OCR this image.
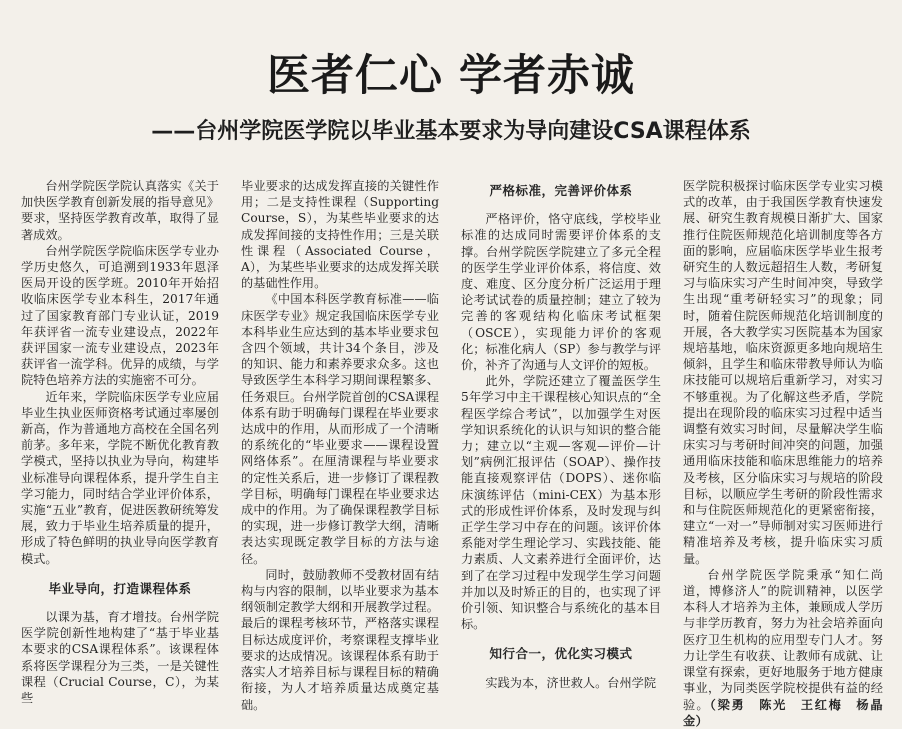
医者仁心 学者赤诚
——台州学院医学院以毕业基本要求为导向建设CSA课程体系

台州学院医学院认真落实《关于加快医学教育创新发展的指导意见》要求，坚持医学教育改革，取得了显著成效。

台州学院医学院临床医学专业办学历史悠久，可追溯到1933年恩泽医局开设的医学班。2010年开始招收临床医学专业本科生，2017年通过了国家教育部门专业认证，2019年获评省一流专业建设点，2022年获评国家一流专业建设点，2023年获评省一流学科。优异的成绩，与学院特色培养方法的实施密不可分。

近年来，学院临床医学专业应届毕业生执业医师资格考试通过率屡创新高，作为普通地方高校在全国名列前茅。多年来，学院不断优化教育教学模式，坚持以执业为导向，构建毕业标准导向课程体系，提升学生自主学习能力，同时结合学业评价体系，实施“五业”教育，促进医教研统筹发展，致力于毕业生培养质量的提升，形成了特色鲜明的执业导向医学教育模式。

毕业导向，打造课程体系

以课为基，育才增技。台州学院医学院创新性地构建了“基于毕业基本要求的CSA课程体系”。该课程体系将医学课程分为三类，一是关键性课程（Crucial Course，C），为某些

毕业要求的达成发挥直接的关键性作用；二是支持性课程（Supporting Course，S），为某些毕业要求的达成发挥间接的支持性作用；三是关联性课程（Associated Course，A），为某些毕业要求的达成发挥关联的基础性作用。

《中国本科医学教育标准——临床医学专业》规定我国临床医学专业本科毕业生应达到的基本毕业要求包含四个领域，共计34个条目，涉及的知识、能力和素养要求众多。这也导致医学生本科学习期间课程繁多、任务艰巨。台州学院首创的CSA课程体系有助于明确每门课程在毕业要求达成中的作用，从而形成了一个清晰的系统化的“毕业要求——课程设置网络体系”。在厘清课程与毕业要求的定性关系后，进一步修订了课程教学目标，明确每门课程在毕业要求达成中的作用。为了确保课程教学目标的实现，进一步修订教学大纲，清晰表达实现既定教学目标的方法与途径。

同时，鼓励教师不受教材固有结构与内容的限制，以毕业要求为基本纲领制定教学大纲和开展教学过程。最后的课程考核环节，严格落实课程目标达成度评价，考察课程支撑毕业要求的达成情况。该课程体系有助于落实人才培养目标与课程目标的精确衔接，为人才培养质量达成奠定基础。

严格标准，完善评价体系

严格评价，恪守底线，学校毕业标准的达成同时需要评价体系的支撑。台州学院医学院建立了多元全程的医学生学业评价体系，将信度、效度、难度、区分度分析广泛运用于理论考试试卷的质量控制；建立了较为完善的客观结构化临床考试框架（OSCE），实现能力评价的客观化；标准化病人（SP）参与教学与评价，补齐了沟通与人文评价的短板。

此外，学院还建立了覆盖医学生5年学习中主干课程核心知识点的“全程医学综合考试”，以加强学生对医学知识系统化的认识与知识的整合能力；建立以“主观—客观—评价—计划”病例汇报评估（SOAP）、操作技能直接观察评估（DOPS）、迷你临床演练评估（mini-CEX）为基本形式的形成性评价体系，及时发现与纠正学生学习中存在的问题。该评价体系能对学生理论学习、实践技能、能力素质、人文素养进行全面评价，达到了在学习过程中发现学生学习问题并加以及时矫正的目的，也实现了评价引领、知识整合与系统化的基本目标。

知行合一，优化实习模式

实践为本，济世救人。台州学院

医学院积极探讨临床医学专业实习模式的改革，由于我国医学教育快速发展、研究生教育规模日渐扩大、国家推行住院医师规范化培训制度等各方面的影响，应届临床医学毕业生报考研究生的人数远超招生人数，考研复习与临床实习产生时间冲突，导致学生出现“重考研轻实习”的现象；同时，随着住院医师规范化培训制度的开展，各大教学实习医院基本为国家规培基地，临床资源更多地向规培生倾斜，且学生和临床带教导师认为临床技能可以规培后重新学习，对实习不够重视。为了化解这些矛盾，学院提出在现阶段的临床实习过程中适当调整有效实习时间，尽量解决学生临床实习与考研时间冲突的问题，加强通用临床技能和临床思维能力的培养及考核，区分临床实习与规培的阶段目标，以顺应学生考研的阶段性需求和与住院医师规范化的更紧密衔接，建立“一对一”导师制对实习医师进行精准培养及考核，提升临床实习质量。

台州学院医学院秉承“知仁尚道，博修济人”的院训精神，以医学本科人才培养为主体，兼顾成人学历与非学历教育，努力为社会培养面向医疗卫生机构的应用型专门人才。努力让学生有收获、让教师有成就、让课堂有探索，更好地服务于地方健康事业，为同类医学院校提供有益的经验。（梁勇　陈光　王红梅　杨晶金）
